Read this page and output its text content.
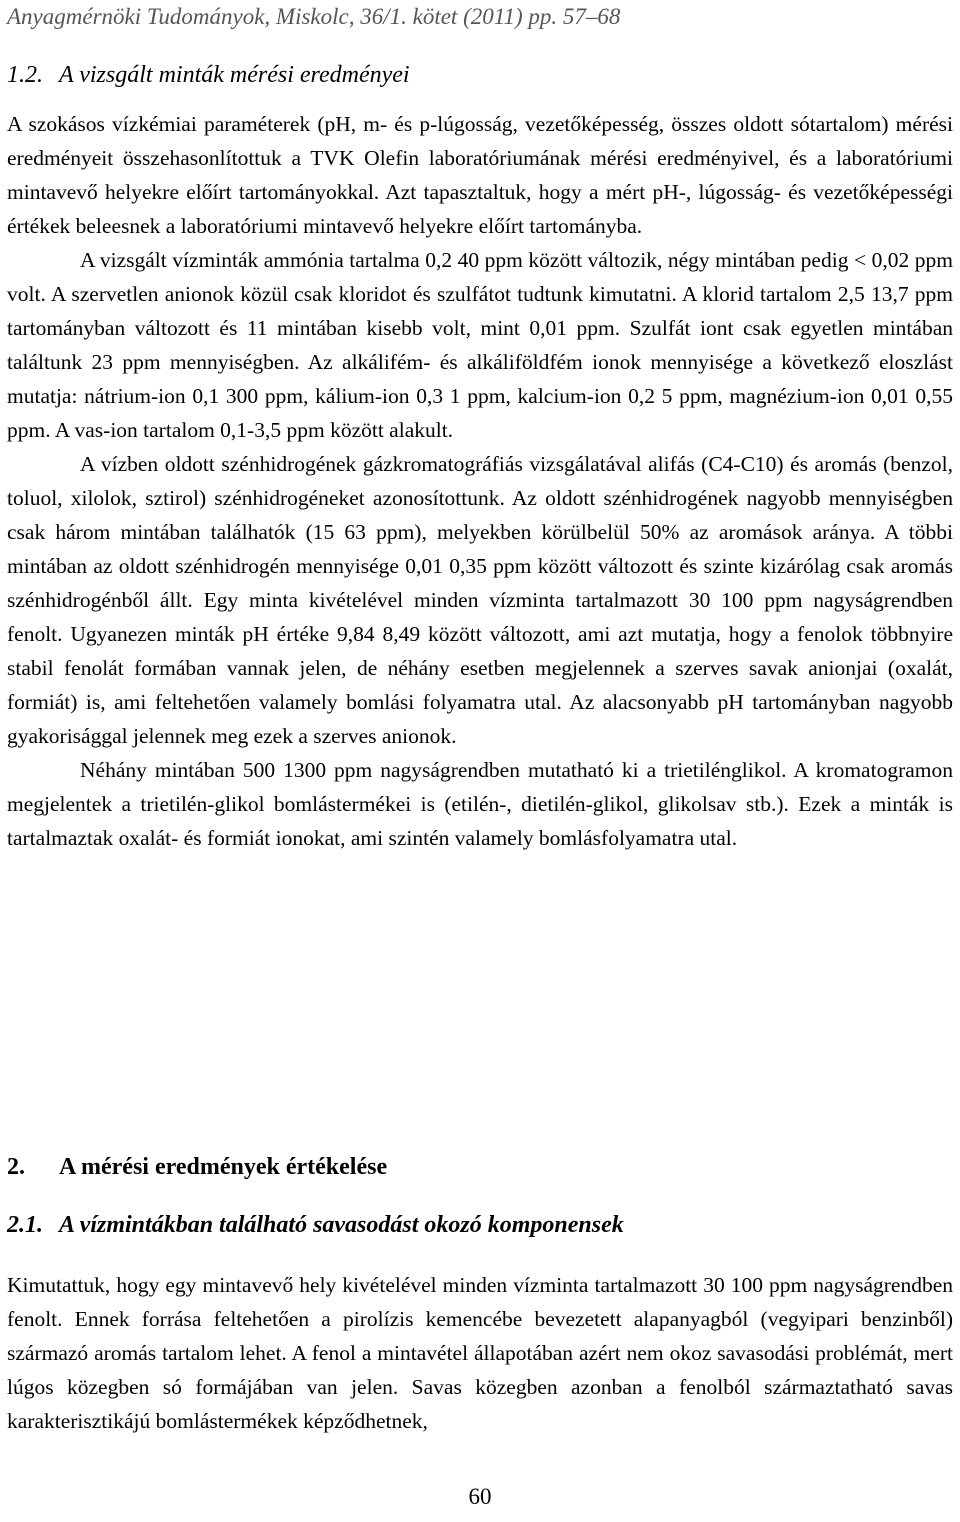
Anyagmérnöki Tudományok, Miskolc, 36/1. kötet (2011) pp. 57–68
1.2. A vizsgált minták mérési eredményei

A szokásos vízkémiai paraméterek (pH, m- és p-lúgosság, vezetőképesség, összes oldott sótartalom) mérési eredményeit összehasonlítottuk a TVK Olefin laboratóriumának mérési eredményivel, és a laboratóriumi mintavevő helyekre előírt tartományokkal. Azt tapasztaltuk, hogy a mért pH-, lúgosság- és vezetőképességi értékek beleesnek a laboratóriumi mintavevő helyekre előírt tartományba.

A vizsgált vízminták ammónia tartalma 0,2 40 ppm között változik, négy mintában pedig < 0,02 ppm volt. A szervetlen anionok közül csak kloridot és szulfátot tudtunk kimutatni. A klorid tartalom 2,5 13,7 ppm tartományban változott és 11 mintában kisebb volt, mint 0,01 ppm. Szulfát iont csak egyetlen mintában találtunk 23 ppm mennyiségben. Az alkálifém- és alkáliföldfém ionok mennyisége a következő eloszlást mutatja: nátrium-ion 0,1 300 ppm, kálium-ion 0,3 1 ppm, kalcium-ion 0,2 5 ppm, magnézium-ion 0,01 0,55 ppm. A vas-ion tartalom 0,1-3,5 ppm között alakult.

A vízben oldott szénhidrogének gázkromatográfiás vizsgálatával alifás (C4-C10) és aromás (benzol, toluol, xilolok, sztirol) szénhidrogéneket azonosítottunk. Az oldott szénhidrogének nagyobb mennyiségben csak három mintában találhatók (15 63 ppm), melyekben körülbelül 50% az aromások aránya. A többi mintában az oldott szénhidrogén mennyisége 0,01 0,35 ppm között változott és szinte kizárólag csak aromás szénhidrogénből állt. Egy minta kivételével minden vízminta tartalmazott 30 100 ppm nagyságrendben fenolt. Ugyanezen minták pH értéke 9,84 8,49 között változott, ami azt mutatja, hogy a fenolok többnyire stabil fenolát formában vannak jelen, de néhány esetben megjelennek a szerves savak anionjai (oxalát, formiát) is, ami feltehetően valamely bomlási folyamatra utal. Az alacsonyabb pH tartományban nagyobb gyakorisággal jelennek meg ezek a szerves anionok.

Néhány mintában 500 1300 ppm nagyságrendben mutatható ki a trietilénglikol. A kromatogramon megjelentek a trietilén-glikol bomlástermékei is (etilén-, dietilén-glikol, glikolsav stb.). Ezek a minták is tartalmaztak oxalát- és formiát ionokat, ami szintén valamely bomlásfolyamatra utal.

2. A mérési eredmények értékelése
2.1. A vízmintákban található savasodást okozó komponensek

Kimutattuk, hogy egy mintavevő hely kivételével minden vízminta tartalmazott 30 100 ppm nagyságrendben fenolt. Ennek forrása feltehetően a pirolízis kemencébe bevezetett alapanyagból (vegyipari benzinből) származó aromás tartalom lehet. A fenol a mintavétel állapotában azért nem okoz savasodási problémát, mert lúgos közegben só formájában van jelen. Savas közegben azonban a fenolból származtatható savas karakterisztikájú bomlástermékek képződhetnek,

60
